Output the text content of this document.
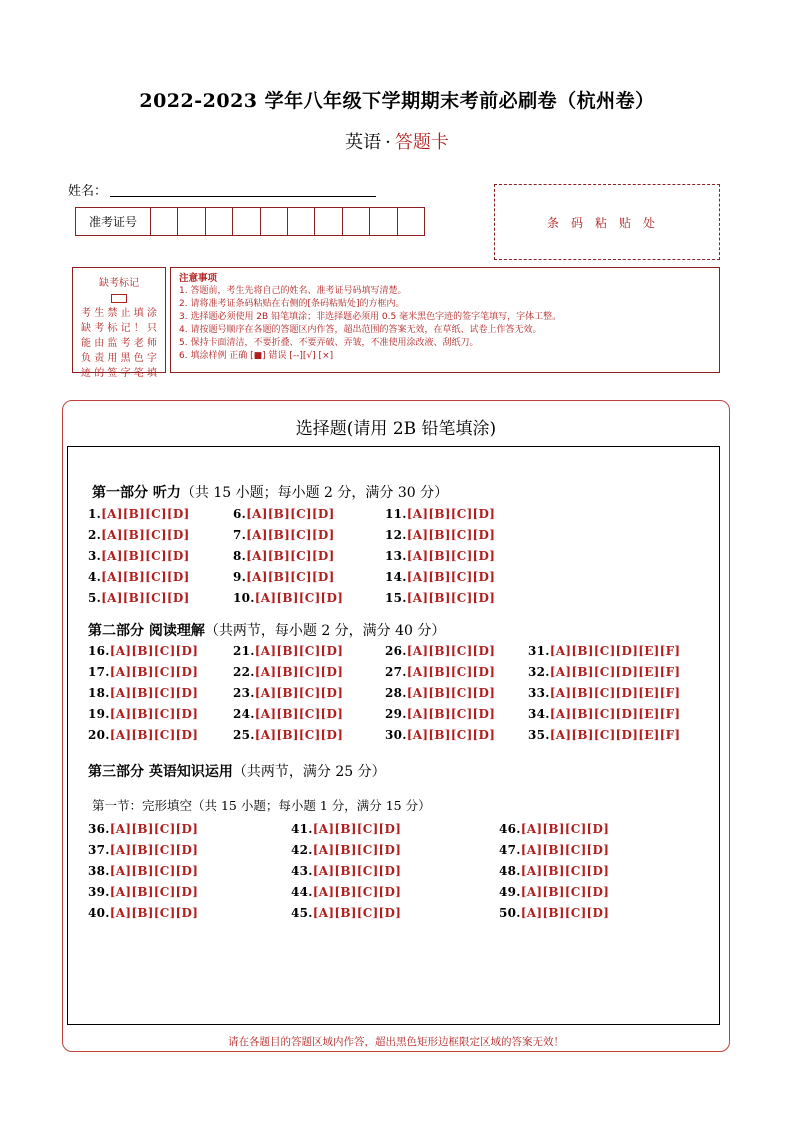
2022-2023 学年八年级下学期期末考前必刷卷（杭州卷）
英语 · 答题卡
姓名：
准考证号	条码粘贴处
缺考标记
考生禁止填涂
缺考标记！只
能由监考老师
负责用黑色字
迹的签字笔填
注意事项
1. 答题前，考生先将自己的姓名、准考证号码填写清楚。
2. 请将准考证条码粘贴在右侧的[条码粘贴处]的方框内。
3. 选择题必须使用 2B 铅笔填涂；非选择题必须用 0.5 毫米黑色字迹的签字笔填写，字体工整。
4. 请按题号顺序在各题的答题区内作答，超出范围的答案无效，在草纸、试卷上作答无效。
5. 保持卡面清洁，不要折叠、不要弄破、弄皱，不准使用涂改液、刮纸刀。
6. 填涂样例 正确 [■] 错误 [--][√] [×]
选择题(请用 2B 铅笔填涂)
第一部分 听力（共 15 小题；每小题 2 分，满分 30 分）
第二部分 阅读理解（共两节，每小题 2 分，满分 40 分）
第三部分 英语知识运用（共两节，满分 25 分）
第一节：完形填空（共 15 小题；每小题 1 分，满分 15 分）
1.[A][B][C][D]
2.[A][B][C][D]
3.[A][B][C][D]
4.[A][B][C][D]
5.[A][B][C][D]
6.[A][B][C][D]
7.[A][B][C][D]
8.[A][B][C][D]
9.[A][B][C][D]
10.[A][B][C][D]
11.[A][B][C][D]
12.[A][B][C][D]
13.[A][B][C][D]
14.[A][B][C][D]
15.[A][B][C][D]
16.[A][B][C][D]
17.[A][B][C][D]
18.[A][B][C][D]
19.[A][B][C][D]
20.[A][B][C][D]
21.[A][B][C][D]
22.[A][B][C][D]
23.[A][B][C][D]
24.[A][B][C][D]
25.[A][B][C][D]
26.[A][B][C][D]
27.[A][B][C][D]
28.[A][B][C][D]
29.[A][B][C][D]
30.[A][B][C][D]
31.[A][B][C][D][E][F]
32.[A][B][C][D][E][F]
33.[A][B][C][D][E][F]
34.[A][B][C][D][E][F]
35.[A][B][C][D][E][F]
36.[A][B][C][D]
37.[A][B][C][D]
38.[A][B][C][D]
39.[A][B][C][D]
40.[A][B][C][D]
41.[A][B][C][D]
42.[A][B][C][D]
43.[A][B][C][D]
44.[A][B][C][D]
45.[A][B][C][D]
46.[A][B][C][D]
47.[A][B][C][D]
48.[A][B][C][D]
49.[A][B][C][D]
50.[A][B][C][D]
请在各题目的答题区域内作答，超出黑色矩形边框限定区域的答案无效！
